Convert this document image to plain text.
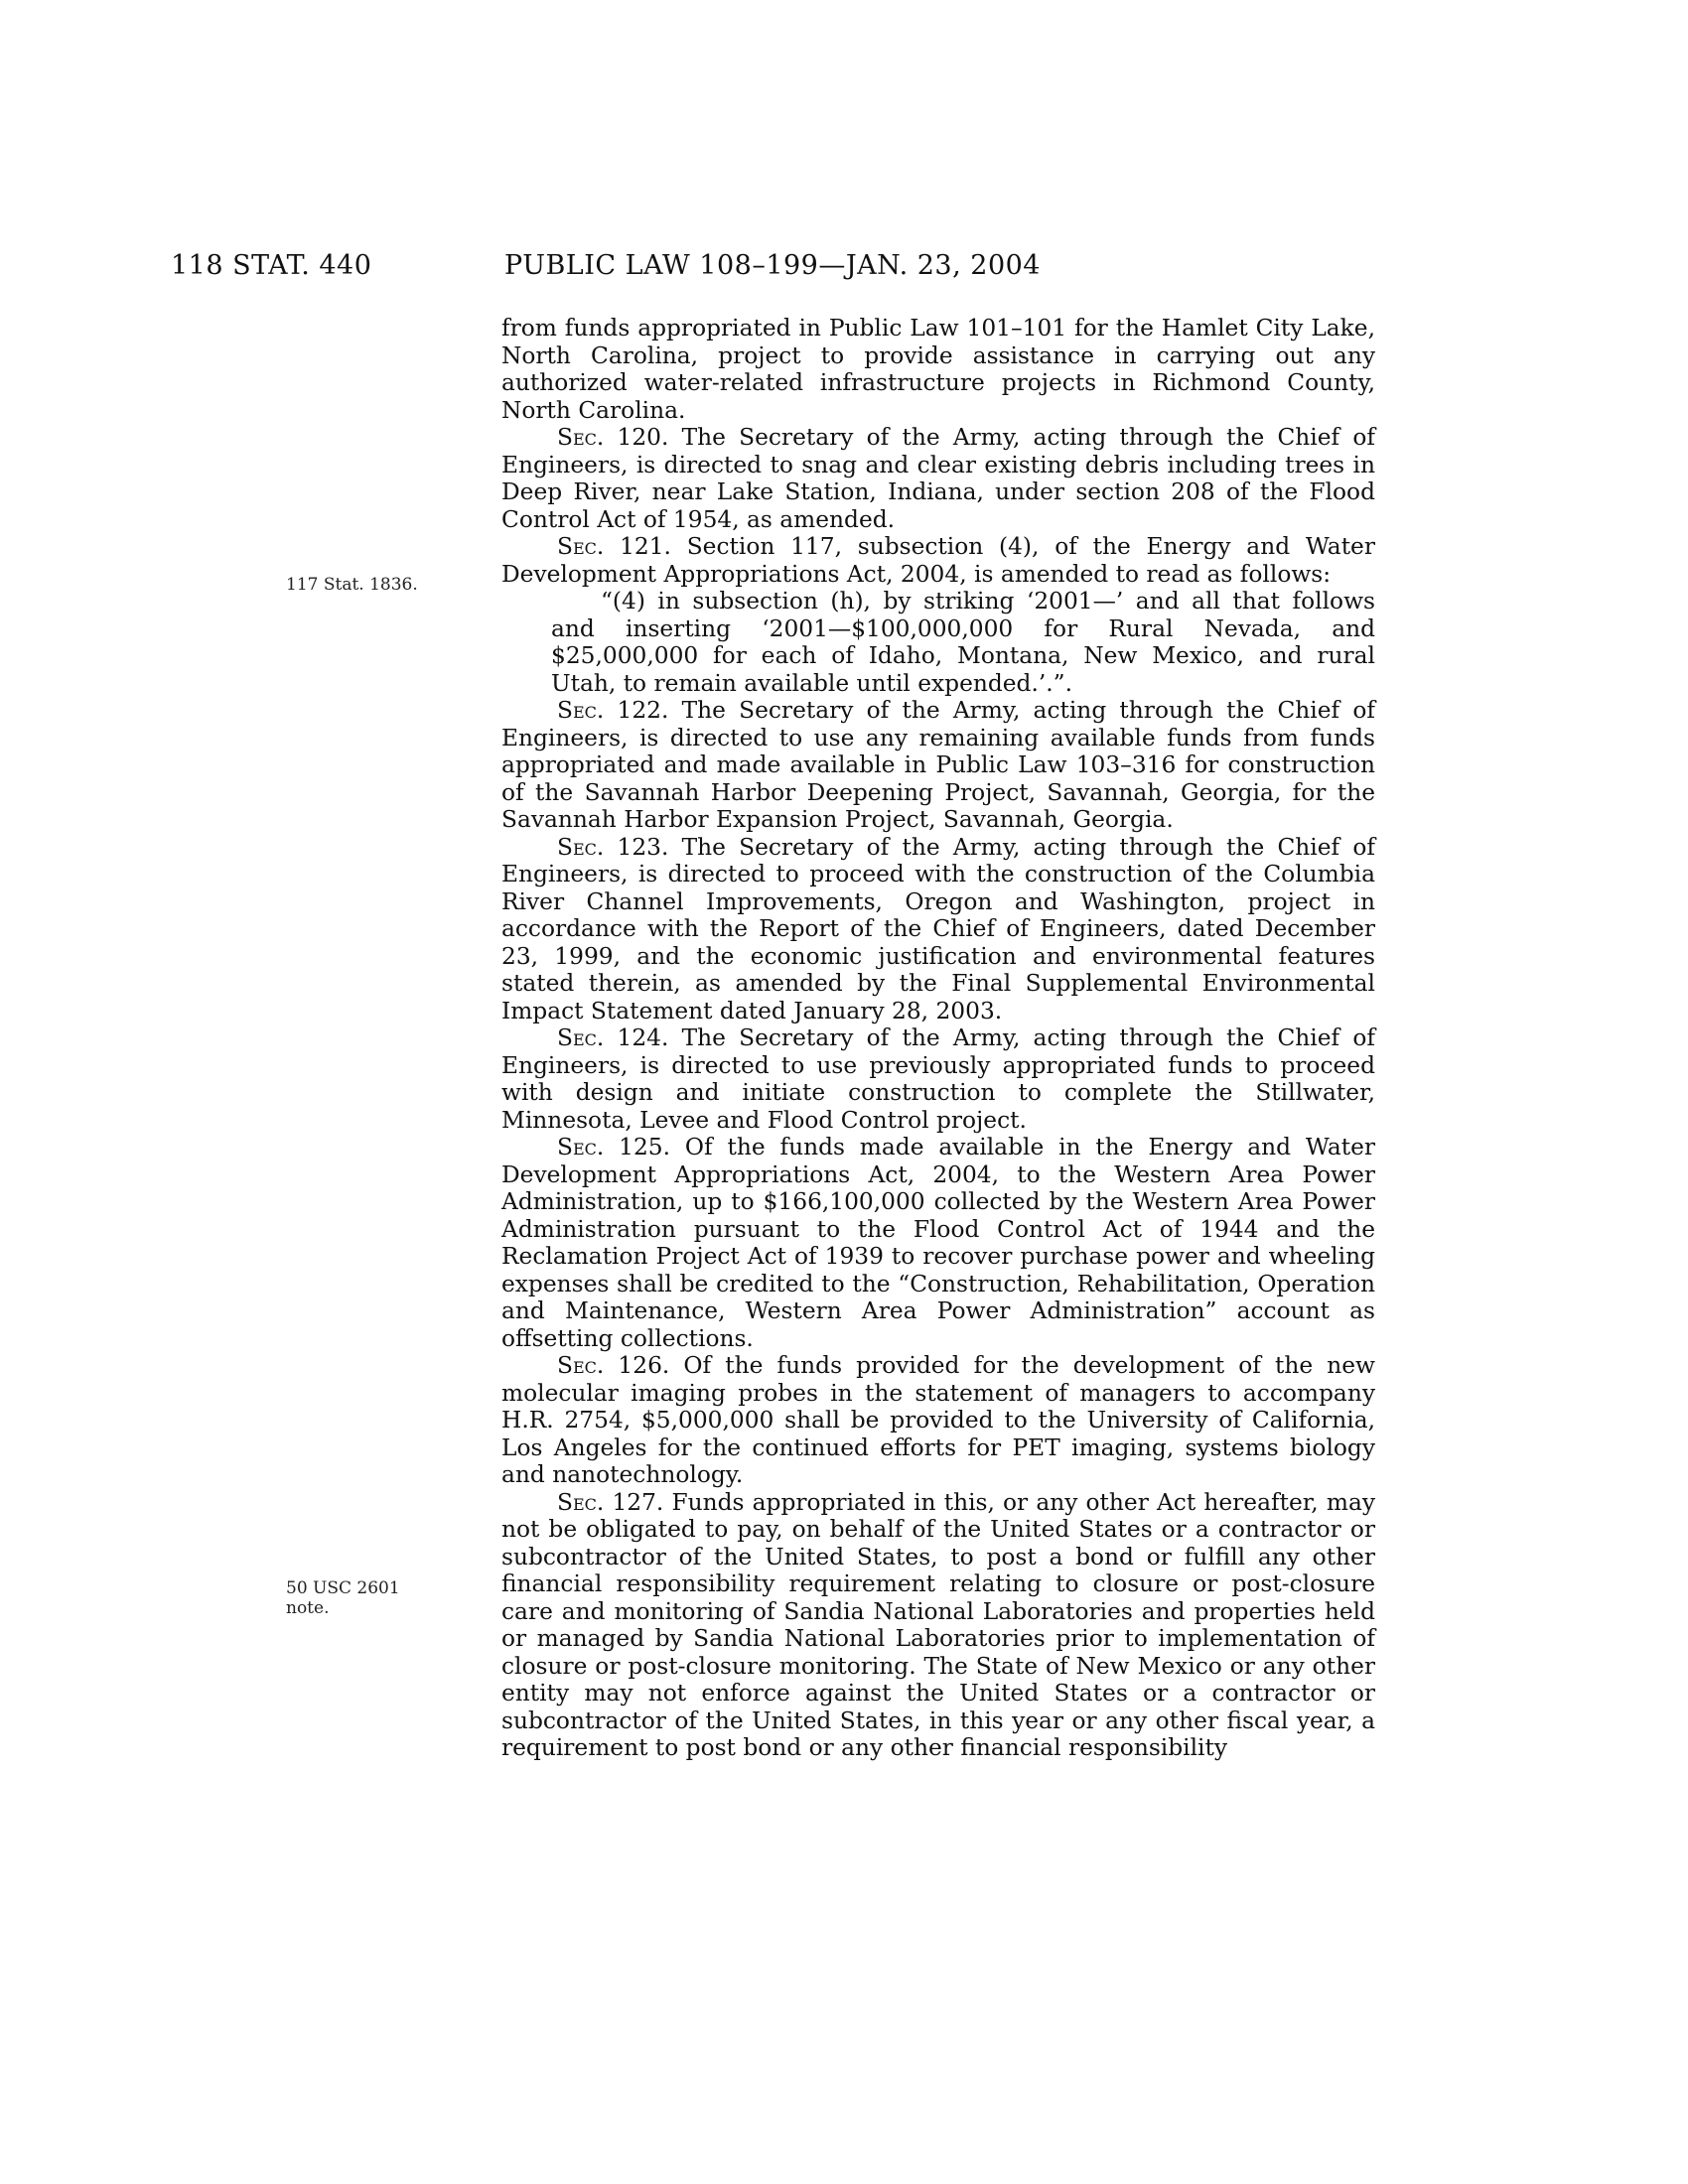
118 STAT. 440	PUBLIC LAW 108–199—JAN. 23, 2004
117 Stat. 1836.
50 USC 2601
note.

from funds appropriated in Public Law 101–101 for the Hamlet City Lake, North Carolina, project to provide assistance in carrying out any authorized water-related infrastructure projects in Richmond County, North Carolina.

Sec. 120. The Secretary of the Army, acting through the Chief of Engineers, is directed to snag and clear existing debris including trees in Deep River, near Lake Station, Indiana, under section 208 of the Flood Control Act of 1954, as amended.

Sec. 121. Section 117, subsection (4), of the Energy and Water Development Appropriations Act, 2004, is amended to read as follows:

“(4) in subsection (h), by striking ‘2001—’ and all that follows and inserting ‘2001—$100,000,000 for Rural Nevada, and $25,000,000 for each of Idaho, Montana, New Mexico, and rural Utah, to remain available until expended.’.”.

Sec. 122. The Secretary of the Army, acting through the Chief of Engineers, is directed to use any remaining available funds from funds appropriated and made available in Public Law 103–316 for construction of the Savannah Harbor Deepening Project, Savannah, Georgia, for the Savannah Harbor Expansion Project, Savannah, Georgia.

Sec. 123. The Secretary of the Army, acting through the Chief of Engineers, is directed to proceed with the construction of the Columbia River Channel Improvements, Oregon and Washington, project in accordance with the Report of the Chief of Engineers, dated December 23, 1999, and the economic justification and environmental features stated therein, as amended by the Final Supplemental Environmental Impact Statement dated January 28, 2003.

Sec. 124. The Secretary of the Army, acting through the Chief of Engineers, is directed to use previously appropriated funds to proceed with design and initiate construction to complete the Stillwater, Minnesota, Levee and Flood Control project.

Sec. 125. Of the funds made available in the Energy and Water Development Appropriations Act, 2004, to the Western Area Power Administration, up to $166,100,000 collected by the Western Area Power Administration pursuant to the Flood Control Act of 1944 and the Reclamation Project Act of 1939 to recover purchase power and wheeling expenses shall be credited to the “Construction, Rehabilitation, Operation and Maintenance, Western Area Power Administration” account as offsetting collections.

Sec. 126. Of the funds provided for the development of the new molecular imaging probes in the statement of managers to accompany H.R. 2754, $5,000,000 shall be provided to the University of California, Los Angeles for the continued efforts for PET imaging, systems biology and nanotechnology.

Sec. 127. Funds appropriated in this, or any other Act hereafter, may not be obligated to pay, on behalf of the United States or a contractor or subcontractor of the United States, to post a bond or fulfill any other financial responsibility requirement relating to closure or post-closure care and monitoring of Sandia National Laboratories and properties held or managed by Sandia National Laboratories prior to implementation of closure or post-closure monitoring. The State of New Mexico or any other entity may not enforce against the United States or a contractor or subcontractor of the United States, in this year or any other fiscal year, a requirement to post bond or any other financial responsibility
